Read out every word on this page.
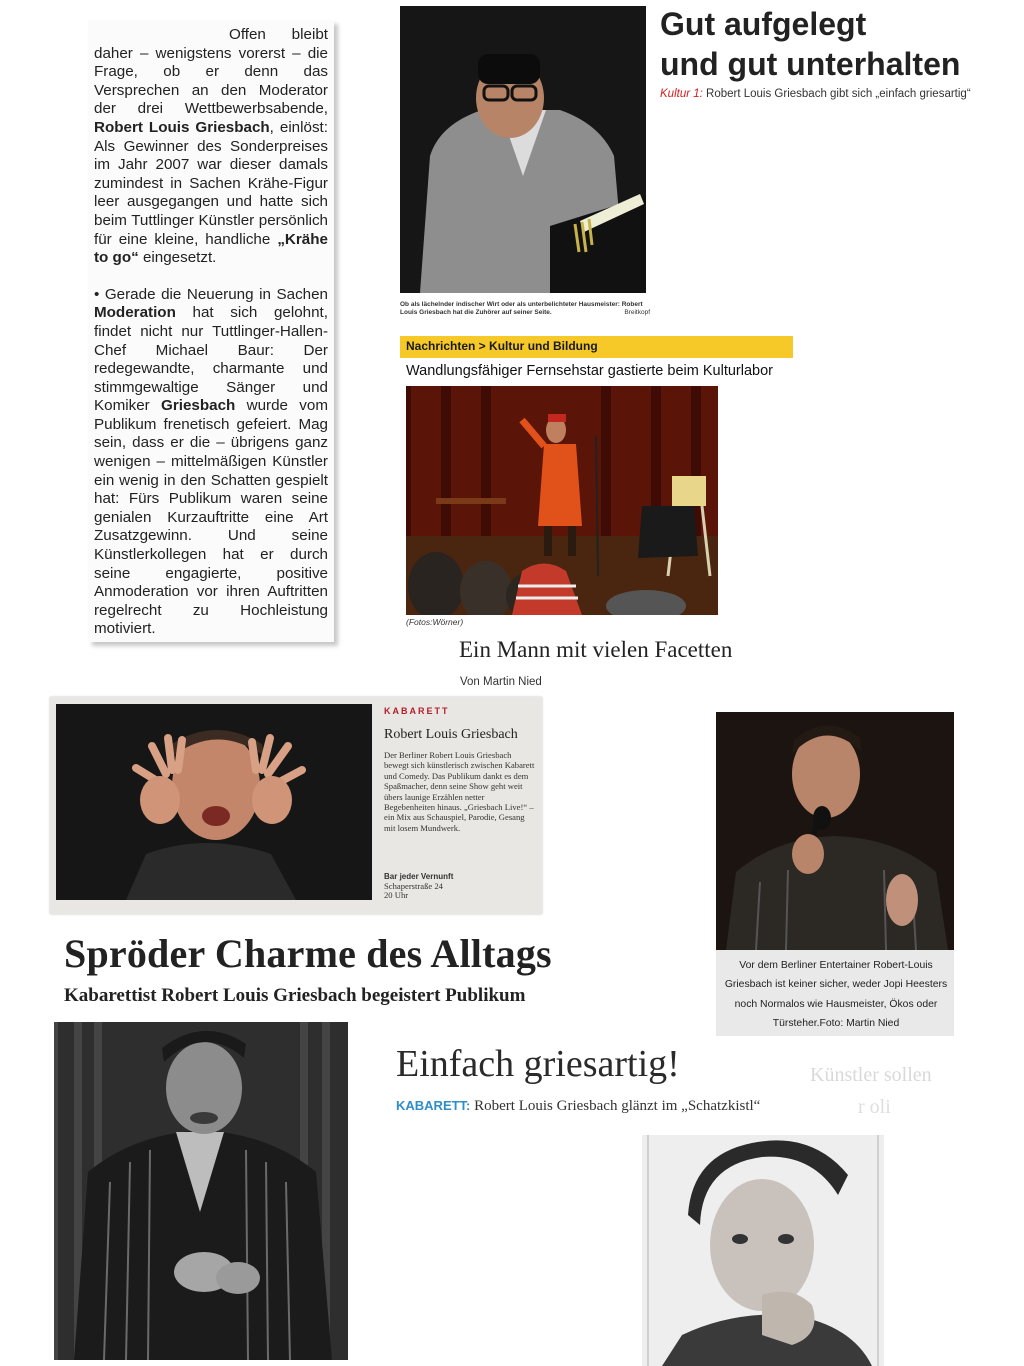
Offen bleibt daher – wenigstens vorerst – die Frage, ob er denn das Versprechen an den Moderator der drei Wettbewerbsabende, Robert Louis Griesbach, einlöst: Als Gewinner des Sonderpreises im Jahr 2007 war dieser damals zumindest in Sachen Krähe-Figur leer ausgegangen und hatte sich beim Tuttlinger Künstler persönlich für eine kleine, handliche „Krähe to go“ eingesetzt.

• Gerade die Neuerung in Sachen Moderation hat sich gelohnt, findet nicht nur Tuttlinger-Hallen-Chef Michael Baur: Der redegewandte, charmante und stimmgewaltige Sänger und Komiker Griesbach wurde vom Publikum frenetisch gefeiert. Mag sein, dass er die – übrigens ganz wenigen – mittelmäßigen Künstler ein wenig in den Schatten gespielt hat: Fürs Publikum waren seine genialen Kurzauftritte eine Art Zusatzgewinn. Und seine Künstlerkollegen hat er durch seine engagierte, positive Anmoderation vor ihren Auftritten regelrecht zu Hochleistung motiviert.

Gut aufgelegt
und gut unterhalten
Kultur 1: Robert Louis Griesbach gibt sich „einfach griesartig“
Ob als lächelnder indischer Wirt oder als unterbelichteter Hausmeister: Robert Louis Griesbach hat die Zuhörer auf seiner Seite.	Breitkopf
Nachrichten > Kultur und Bildung
Wandlungsfähiger Fernsehstar gastierte beim Kulturlabor
(Fotos:Wörner)
Ein Mann mit vielen Facetten
Von Martin Nied
KABARETT
Robert Louis Griesbach
Der Berliner Robert Louis Griesbach bewegt sich künstlerisch zwischen Kabarett und Comedy. Das Publikum dankt es dem Spaßmacher, denn seine Show geht weit übers launige Erzählen netter Begebenheiten hinaus. „Griesbach Live!“ – ein Mix aus Schauspiel, Parodie, Gesang mit losem Mundwerk.
Bar jeder Vernunft
Schaperstraße 24
20 Uhr
Vor dem Berliner Entertainer Robert-Louis Griesbach ist keiner sicher, weder Jopi Heesters noch Normalos wie Hausmeister, Ökos oder Türsteher.Foto: Martin Nied
Spröder Charme des Alltags
Kabarettist Robert Louis Griesbach begeistert Publikum
Künstler sollen
r oli
Einfach griesartig!
KABARETT: Robert Louis Griesbach glänzt im „Schatzkistl“
